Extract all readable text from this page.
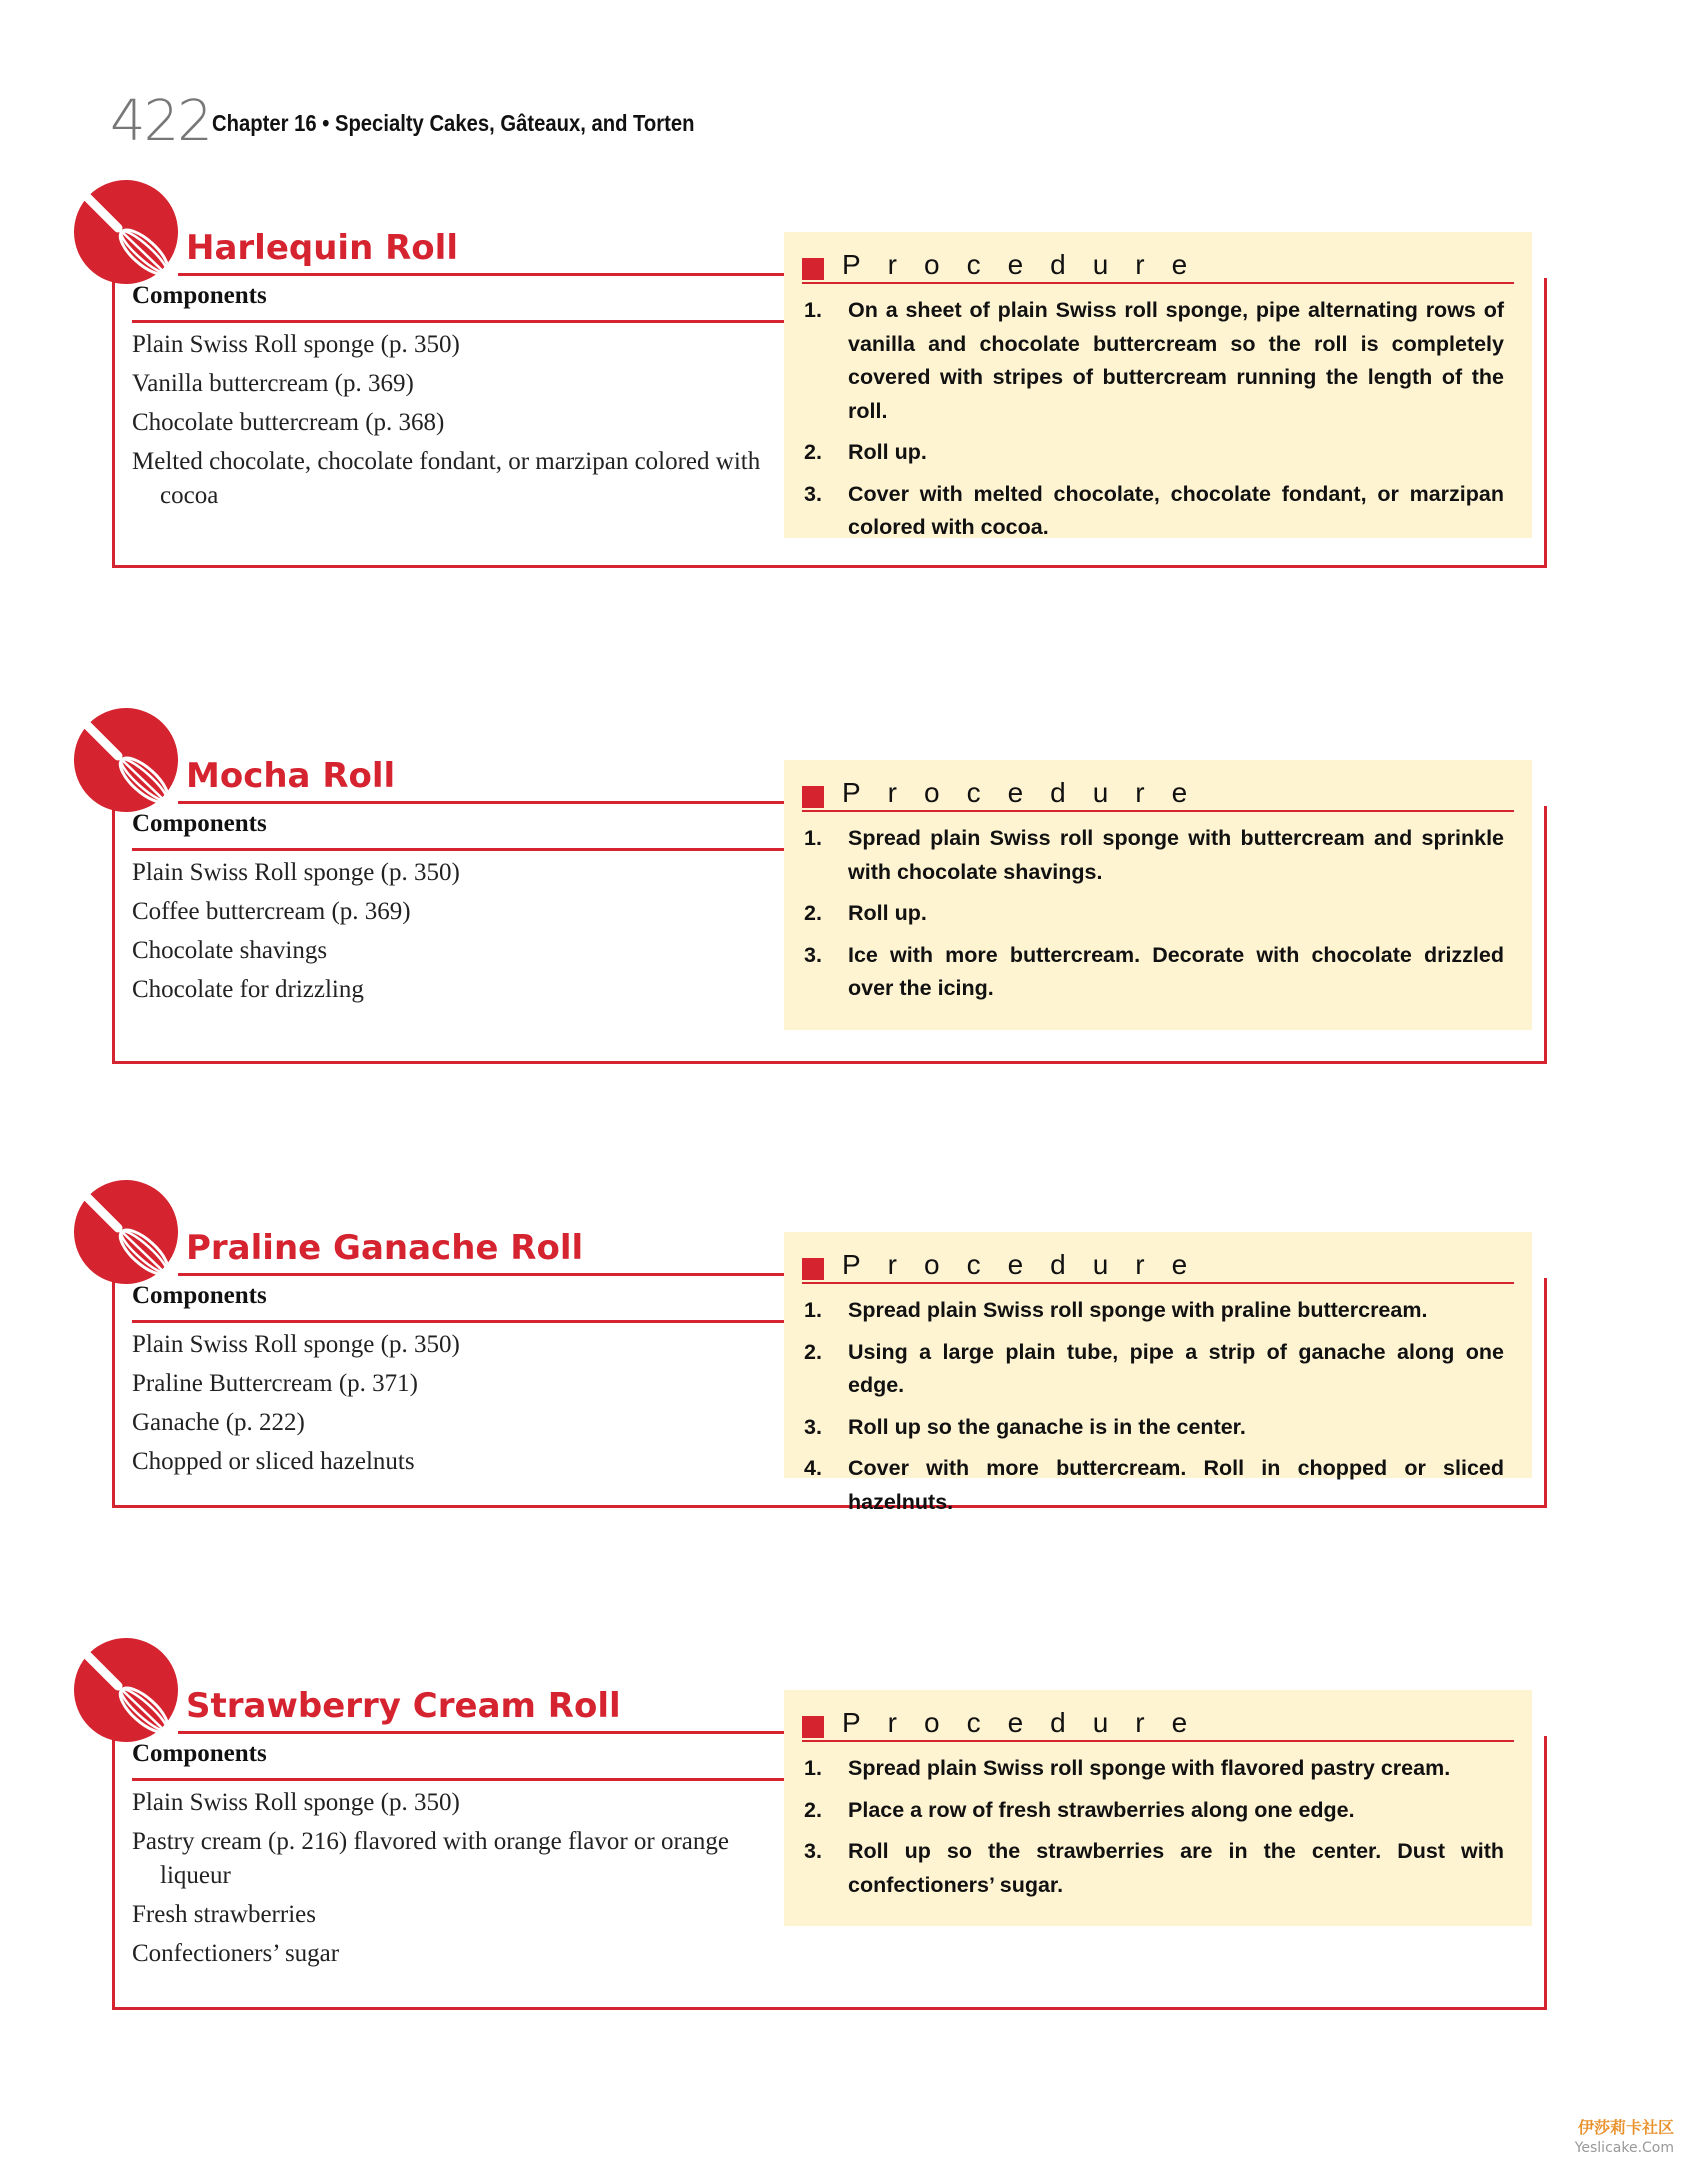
422 Chapter 16 • Specialty Cakes, Gâteaux, and Torten
Harlequin Roll
Components
Plain Swiss Roll sponge (p. 350)
Vanilla buttercream (p. 369)
Chocolate buttercream (p. 368)
Melted chocolate, chocolate fondant, or marzipan colored with cocoa
Procedure
1. On a sheet of plain Swiss roll sponge, pipe alternating rows of vanilla and chocolate buttercream so the roll is completely covered with stripes of buttercream running the length of the roll.
2. Roll up.
3. Cover with melted chocolate, chocolate fondant, or marzipan colored with cocoa.
Mocha Roll
Components
Plain Swiss Roll sponge (p. 350)
Coffee buttercream (p. 369)
Chocolate shavings
Chocolate for drizzling
Procedure
1. Spread plain Swiss roll sponge with buttercream and sprinkle with chocolate shavings.
2. Roll up.
3. Ice with more buttercream. Decorate with chocolate drizzled over the icing.
Praline Ganache Roll
Components
Plain Swiss Roll sponge (p. 350)
Praline Buttercream (p. 371)
Ganache (p. 222)
Chopped or sliced hazelnuts
Procedure
1. Spread plain Swiss roll sponge with praline buttercream.
2. Using a large plain tube, pipe a strip of ganache along one edge.
3. Roll up so the ganache is in the center.
4. Cover with more buttercream. Roll in chopped or sliced hazelnuts.
Strawberry Cream Roll
Components
Plain Swiss Roll sponge (p. 350)
Pastry cream (p. 216) flavored with orange flavor or orange liqueur
Fresh strawberries
Confectioners’ sugar
Procedure
1. Spread plain Swiss roll sponge with flavored pastry cream.
2. Place a row of fresh strawberries along one edge.
3. Roll up so the strawberries are in the center. Dust with confectioners’ sugar.
伊莎莉卡社区
Yeslicake.Com
